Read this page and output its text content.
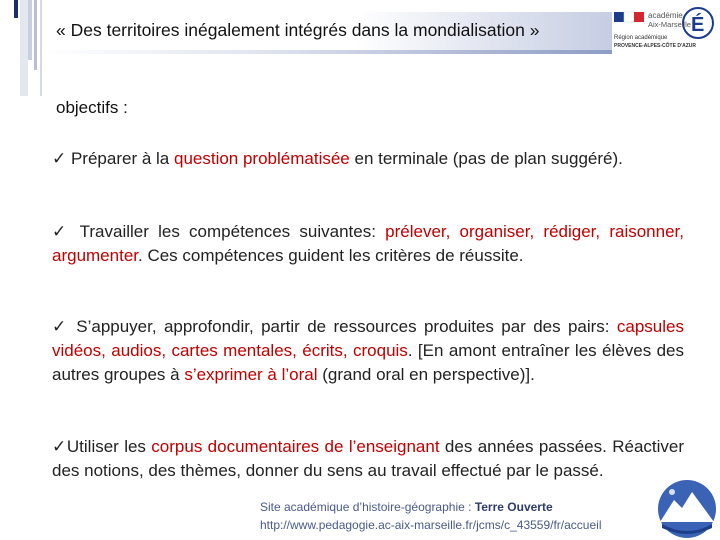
« Des territoires inégalement intégrés dans la mondialisation »	É
académie
Aix-Marseille
Région académique
PROVENCE-ALPES-CÔTE D'AZUR
objectifs :
✓ Préparer à la question problématisée en terminale (pas de plan suggéré).
✓ Travailler les compétences suivantes: prélever, organiser, rédiger, raisonner, argumenter. Ces compétences guident les critères de réussite.
✓ S’appuyer, approfondir, partir de ressources produites par des pairs: capsules vidéos, audios, cartes mentales, écrits, croquis. [En amont entraîner les élèves des autres groupes à s’exprimer à l’oral (grand oral en perspective)].
✓Utiliser les corpus documentaires de l’enseignant des années passées. Réactiver des notions, des thèmes, donner du sens au travail effectué par le passé.
Site académique d’histoire-géographie : Terre Ouverte
http://www.pedagogie.ac-aix-marseille.fr/jcms/c_43559/fr/accueil
